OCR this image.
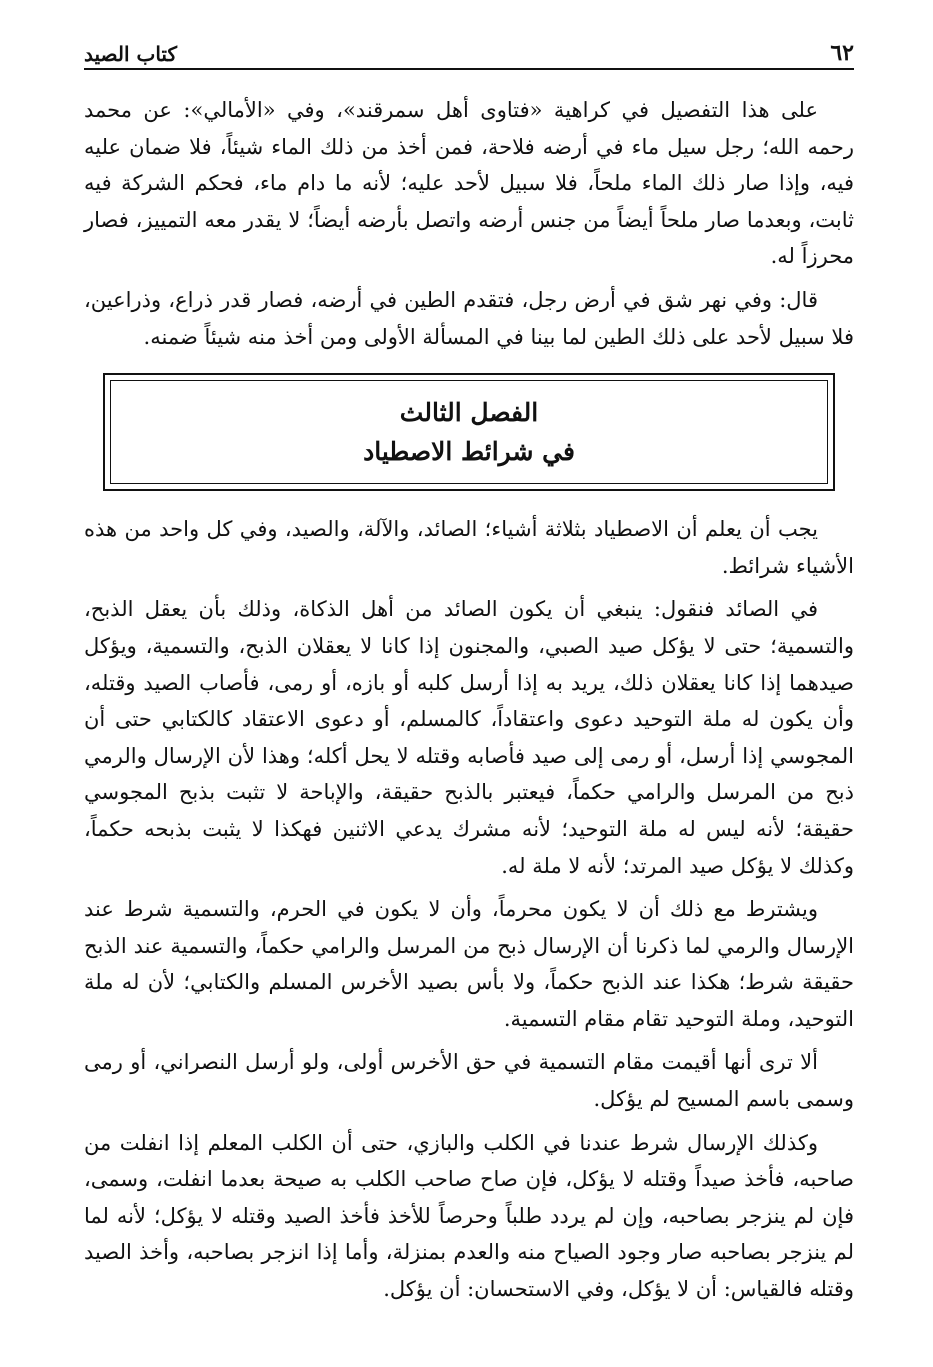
٦٢
كتاب الصيد

على هذا التفصيل في كراهية «فتاوى أهل سمرقند»، وفي «الأمالي»: عن محمد رحمه الله؛ رجل سيل ماء في أرضه فلاحة، فمن أخذ من ذلك الماء شيئاً، فلا ضمان عليه فيه، وإذا صار ذلك الماء ملحاً، فلا سبيل لأحد عليه؛ لأنه ما دام ماء، فحكم الشركة فيه ثابت، وبعدما صار ملحاً أيضاً من جنس أرضه واتصل بأرضه أيضاً؛ لا يقدر معه التمييز، فصار محرزاً له.

قال: وفي نهر شق في أرض رجل، فتقدم الطين في أرضه، فصار قدر ذراع، وذراعين، فلا سبيل لأحد على ذلك الطين لما بينا في المسألة الأولى ومن أخذ منه شيئاً ضمنه.

الفصل الثالث
في شرائط الاصطياد

يجب أن يعلم أن الاصطياد بثلاثة أشياء؛ الصائد، والآلة، والصيد، وفي كل واحد من هذه الأشياء شرائط.

في الصائد فنقول: ينبغي أن يكون الصائد من أهل الذكاة، وذلك بأن يعقل الذبح، والتسمية؛ حتى لا يؤكل صيد الصبي، والمجنون إذا كانا لا يعقلان الذبح، والتسمية، ويؤكل صيدهما إذا كانا يعقلان ذلك، يريد به إذا أرسل كلبه أو بازه، أو رمى، فأصاب الصيد وقتله، وأن يكون له ملة التوحيد دعوى واعتقاداً، كالمسلم، أو دعوى الاعتقاد كالكتابي حتى أن المجوسي إذا أرسل، أو رمى إلى صيد فأصابه وقتله لا يحل أكله؛ وهذا لأن الإرسال والرمي ذبح من المرسل والرامي حكماً، فيعتبر بالذبح حقيقة، والإباحة لا تثبت بذبح المجوسي حقيقة؛ لأنه ليس له ملة التوحيد؛ لأنه مشرك يدعي الاثنين فهكذا لا يثبت بذبحه حكماً، وكذلك لا يؤكل صيد المرتد؛ لأنه لا ملة له.

ويشترط مع ذلك أن لا يكون محرماً، وأن لا يكون في الحرم، والتسمية شرط عند الإرسال والرمي لما ذكرنا أن الإرسال ذبح من المرسل والرامي حكماً، والتسمية عند الذبح حقيقة شرط؛ هكذا عند الذبح حكماً، ولا بأس بصيد الأخرس المسلم والكتابي؛ لأن له ملة التوحيد، وملة التوحيد تقام مقام التسمية.

ألا ترى أنها أقيمت مقام التسمية في حق الأخرس أولى، ولو أرسل النصراني، أو رمى وسمى باسم المسيح لم يؤكل.

وكذلك الإرسال شرط عندنا في الكلب والبازي، حتى أن الكلب المعلم إذا انفلت من صاحبه، فأخذ صيداً وقتله لا يؤكل، فإن صاح صاحب الكلب به صيحة بعدما انفلت، وسمى، فإن لم ينزجر بصاحبه، وإن لم يردد طلباً وحرصاً للأخذ فأخذ الصيد وقتله لا يؤكل؛ لأنه لما لم ينزجر بصاحبه صار وجود الصياح منه والعدم بمنزلة، وأما إذا انزجر بصاحبه، وأخذ الصيد وقتله فالقياس: أن لا يؤكل، وفي الاستحسان: أن يؤكل.
